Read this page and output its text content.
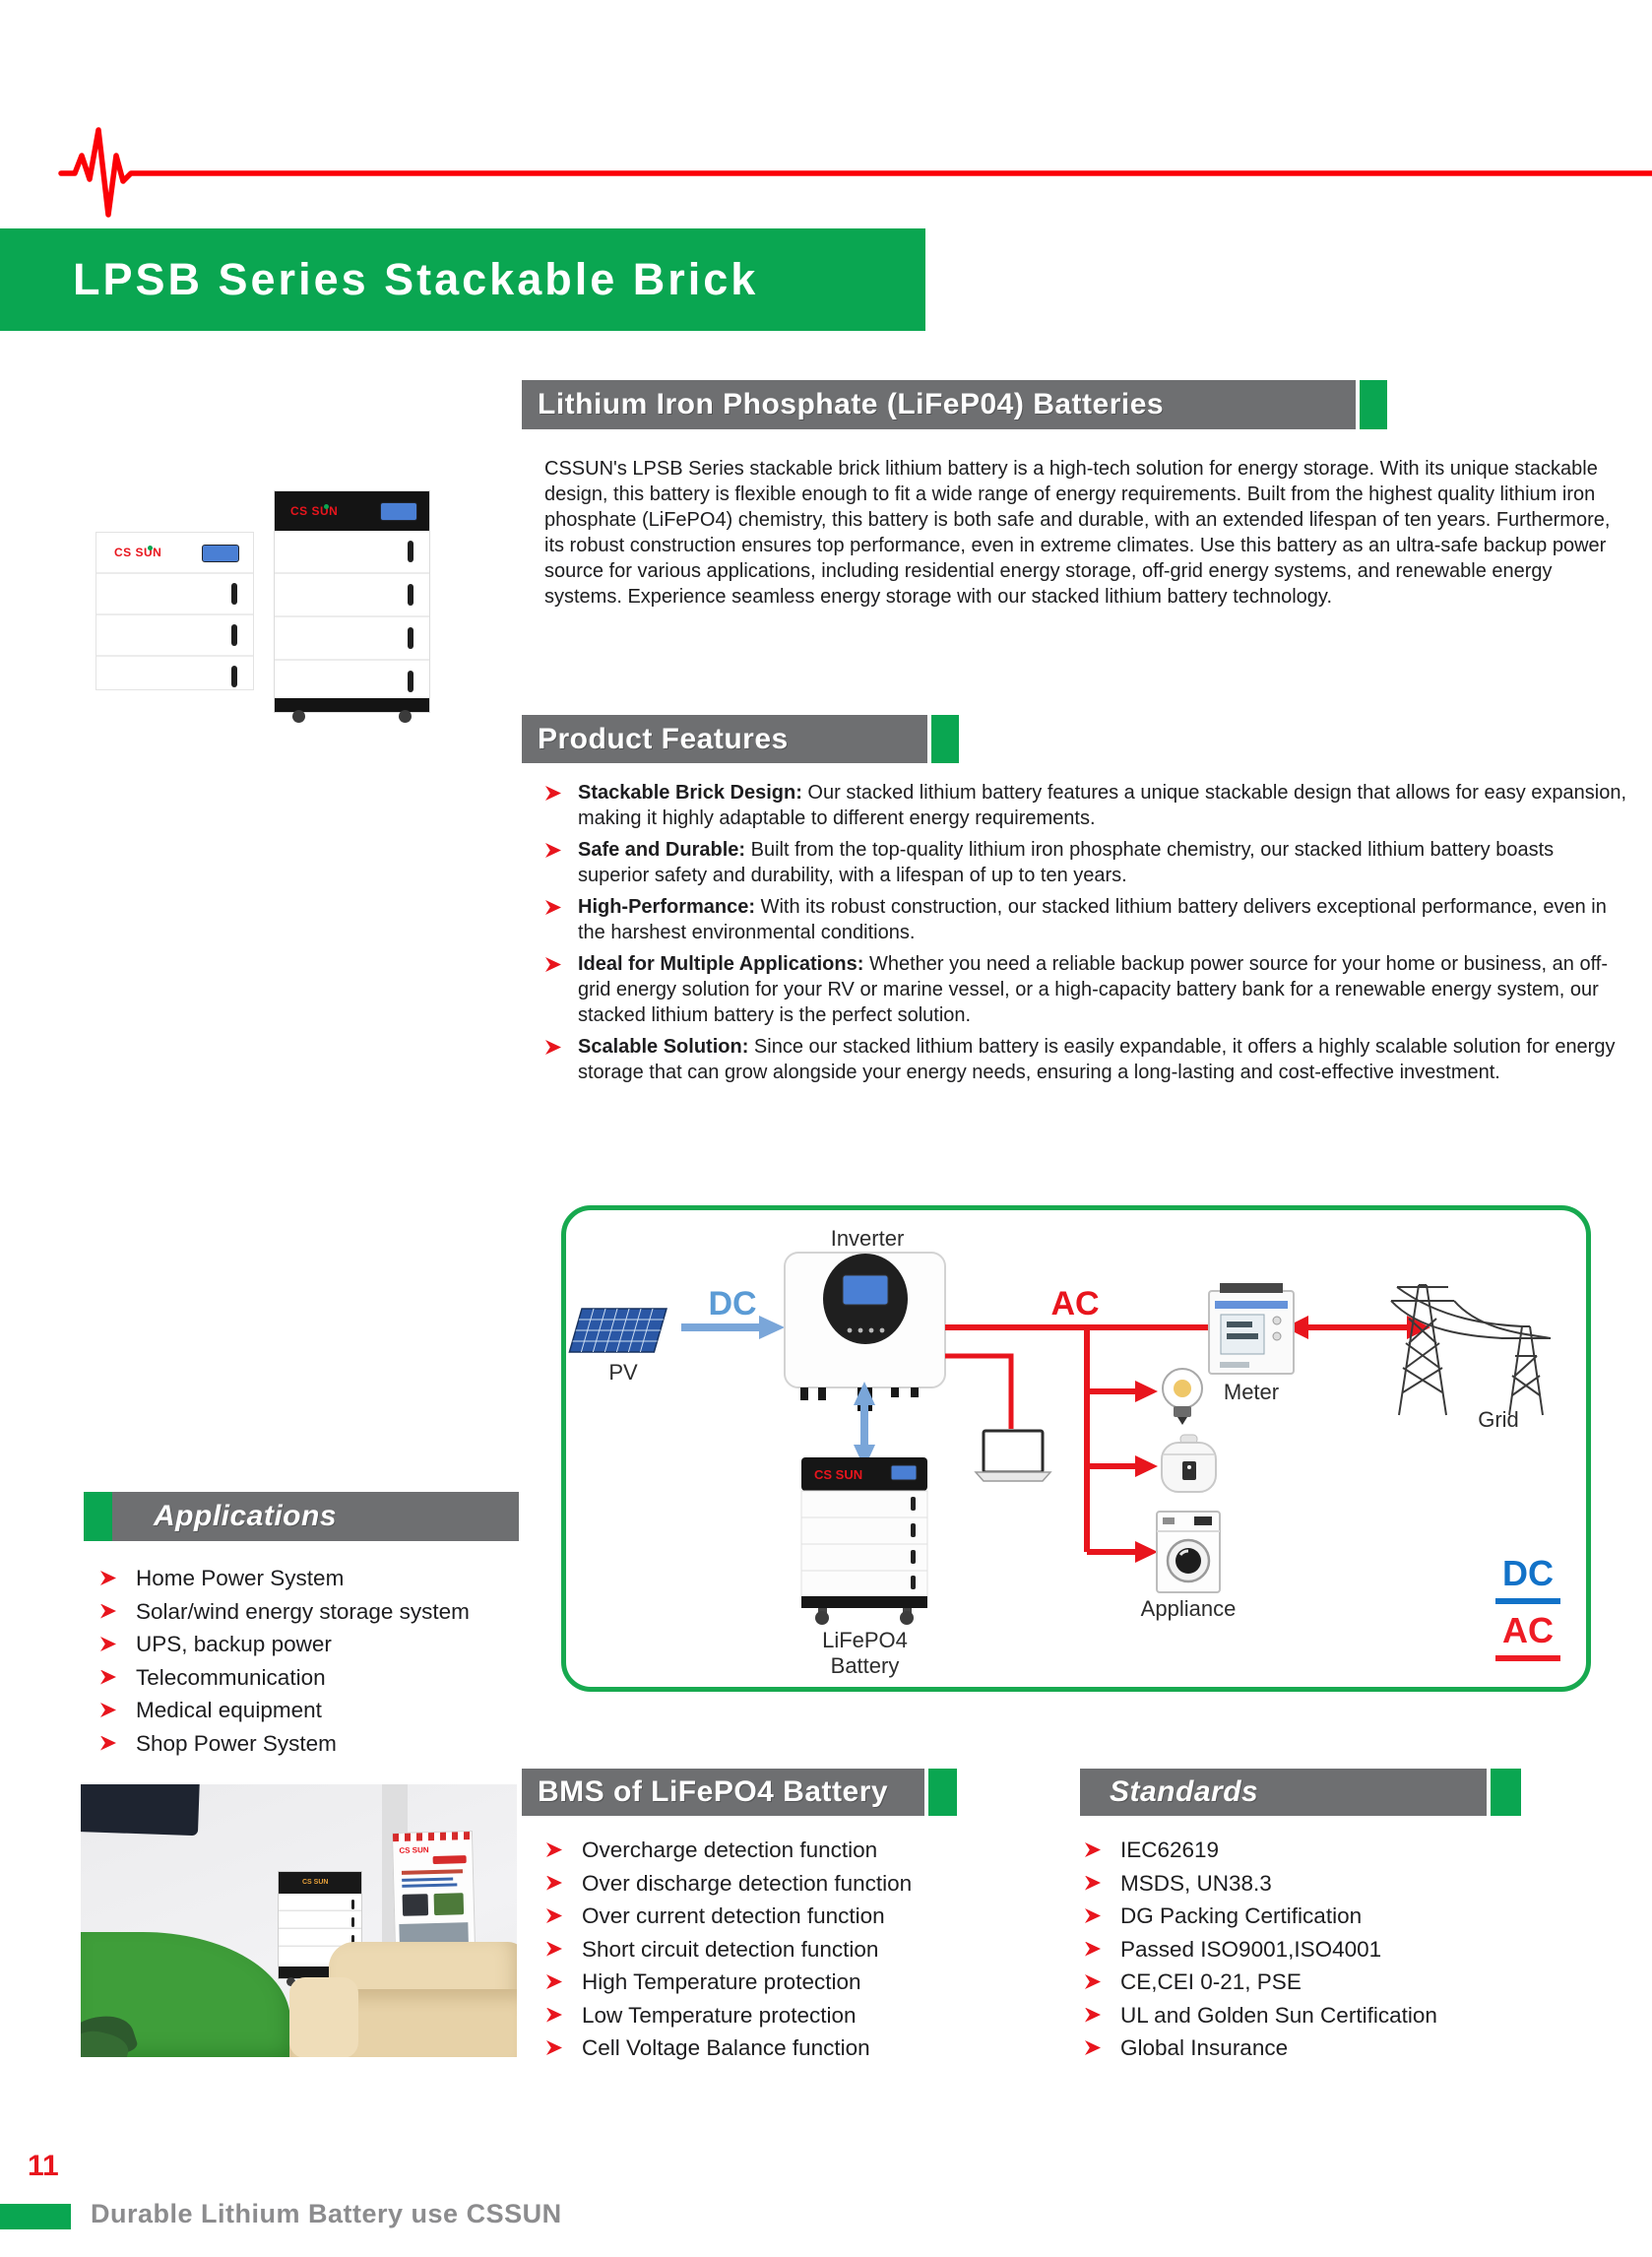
LPSB Series Stackable Brick
CS SUN
CS SUN
Lithium Iron Phosphate (LiFeP04) Batteries

CSSUN's LPSB Series stackable brick lithium battery is a high-tech solution for energy storage. With its unique stackable design, this battery is flexible enough to fit a wide range of energy requirements. Built from the highest quality lithium iron phosphate (LiFePO4) chemistry, this battery is both safe and durable, with an extended lifespan of ten years. Furthermore, its robust construction ensures top performance, even in extreme climates. Use this battery as an ultra-safe backup power source for various applications, including residential energy storage, off-grid energy systems, and renewable energy systems. Experience seamless energy storage with our stacked lithium battery technology.

Product Features
Stackable Brick Design: Our stacked lithium battery features a unique stackable design that allows for easy expansion, making it highly adaptable to different energy requirements.
Safe and Durable: Built from the top-quality lithium iron phosphate chemistry, our stacked lithium battery boasts superior safety and durability, with a lifespan of up to ten years.
High-Performance: With its robust construction, our stacked lithium battery delivers exceptional performance, even in the harshest environmental conditions.
Ideal for Multiple Applications: Whether you need a reliable backup power source for your home or business, an off-grid energy solution for your RV or marine vessel, or a high-capacity battery bank for a renewable energy system, our stacked lithium battery is the perfect solution.
Scalable Solution: Since our stacked lithium battery is easily expandable, it offers a highly scalable solution for energy storage that can grow alongside your energy needs, ensuring a long-lasting and cost-effective investment.
CS SUN
Inverter
PV
DC	AC
Meter
Grid
Appliance
LiFePO4 Battery
DC
AC
Applications
Home Power System
Solar/wind energy storage system
UPS, backup power
Telecommunication
Medical equipment
Shop Power System
CS SUN
CS SUN
BMS of LiFePO4 Battery
Overcharge detection function
Over discharge detection function
Over current detection function
Short circuit detection function
High Temperature protection
Low Temperature protection
Cell Voltage Balance function
Standards
IEC62619
MSDS, UN38.3
DG Packing Certification
Passed ISO9001,ISO4001
CE,CEI 0-21, PSE
UL and Golden Sun Certification
Global Insurance
11
Durable Lithium Battery use CSSUN
